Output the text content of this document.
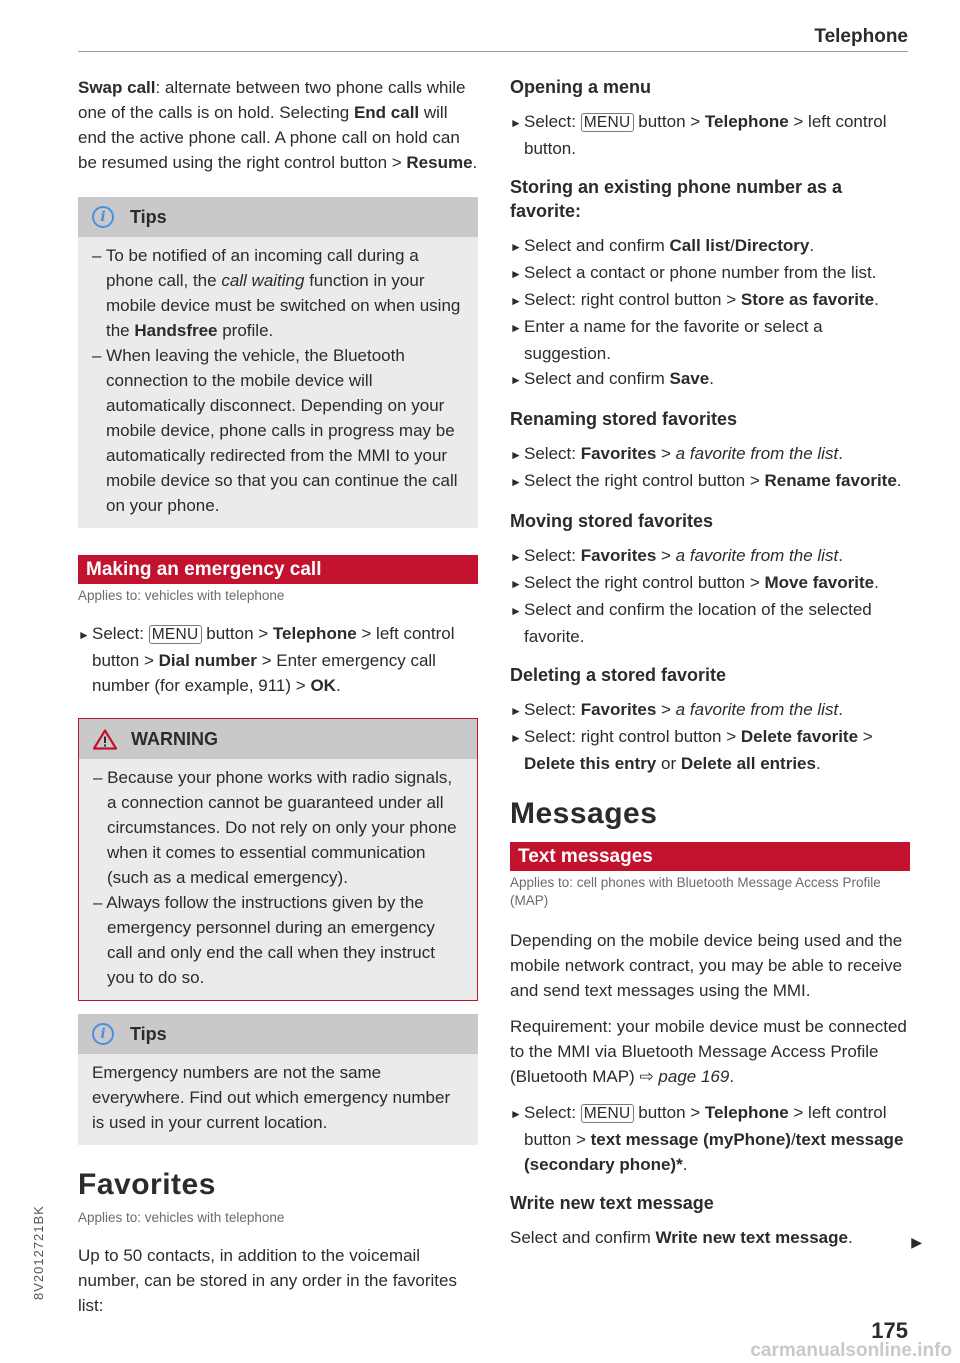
Telephone

Swap call: alternate between two phone calls while one of the calls is on hold. Selecting End call will end the active phone call. A phone call on hold can be resumed using the right control button > Resume.

i	Tips

– To be notified of an incoming call during a phone call, the call waiting function in your mobile device must be switched on when using the Handsfree profile.

– When leaving the vehicle, the Bluetooth connection to the mobile device will automatically disconnect. Depending on your mobile device, phone calls in progress may be automatically redirected from the MMI to your mobile device so that you can continue the call on your phone.

Making an emergency call
Applies to: vehicles with telephone

► Select: MENU button > Telephone > left control button > Dial number > Enter emergency call number (for example, 911) > OK.

WARNING

– Because your phone works with radio signals, a connection cannot be guaranteed under all circumstances. Do not rely on only your phone when it comes to essential communication (such as a medical emergency).

– Always follow the instructions given by the emergency personnel during an emergency call and only end the call when they instruct you to do so.

i	Tips

Emergency numbers are not the same everywhere. Find out which emergency number is used in your current location.

Favorites
Applies to: vehicles with telephone

Up to 50 contacts, in addition to the voicemail number, can be stored in any order in the favorites list:

Opening a menu

► Select: MENU button > Telephone > left control button.

Storing an existing phone number as a favorite:

► Select and confirm Call list/Directory.

► Select a contact or phone number from the list.

► Select: right control button > Store as favorite.

► Enter a name for the favorite or select a suggestion.

► Select and confirm Save.

Renaming stored favorites

► Select: Favorites > a favorite from the list.

► Select the right control button > Rename favorite.

Moving stored favorites

► Select: Favorites > a favorite from the list.

► Select the right control button > Move favorite.

► Select and confirm the location of the selected favorite.

Deleting a stored favorite

► Select: Favorites > a favorite from the list.

► Select: right control button > Delete favorite > Delete this entry or Delete all entries.

Messages
Text messages
Applies to: cell phones with Bluetooth Message Access Profile (MAP)

Depending on the mobile device being used and the mobile network contract, you may be able to receive and send text messages using the MMI.

Requirement: your mobile device must be connected to the MMI via Bluetooth Message Access Profile (Bluetooth MAP) ⇨ page 169.

► Select: MENU button > Telephone > left control button > text message (myPhone)/text message (secondary phone)*.

Write new text message

Select and confirm Write new text message.	▶
8V2012721BK
175
carmanualsonline.info
